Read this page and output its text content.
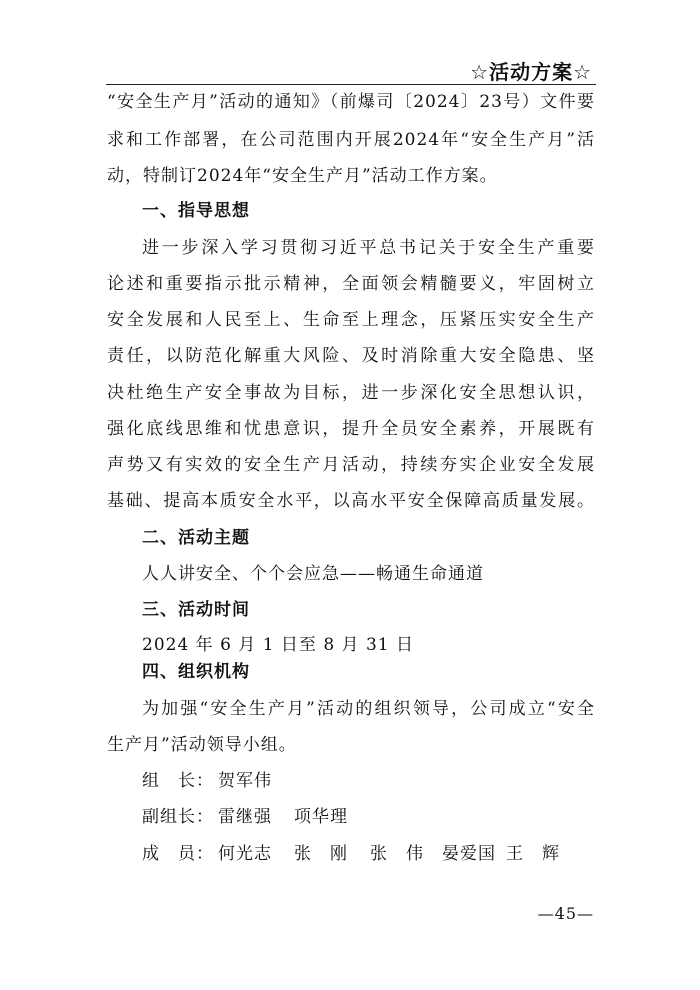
☆活动方案☆
“安全生产月”活动的通知》（前爆司〔2024〕23号）文件要
求和工作部署，在公司范围内开展2024年“安全生产月”活
动，特制订2024年“安全生产月”活动工作方案。
一、指导思想
进一步深入学习贯彻习近平总书记关于安全生产重要
论述和重要指示批示精神，全面领会精髓要义，牢固树立
安全发展和人民至上、生命至上理念，压紧压实安全生产
责任，以防范化解重大风险、及时消除重大安全隐患、坚
决杜绝生产安全事故为目标，进一步深化安全思想认识，
强化底线思维和忧患意识，提升全员安全素养，开展既有
声势又有实效的安全生产月活动，持续夯实企业安全发展
基础、提高本质安全水平，以高水平安全保障高质量发展。
二、活动主题
人人讲安全、个个会应急——畅通生命通道
三、活动时间
2024 年 6 月 1 日至 8 月 31 日
四、组织机构
为加强“安全生产月”活动的组织领导，公司成立“安全
生产月”活动领导小组。
组　长： 贺军伟
副组长： 雷继强 项华理
成　员： 何光志 张　刚 张　伟 晏爱国 王　辉
—45—
